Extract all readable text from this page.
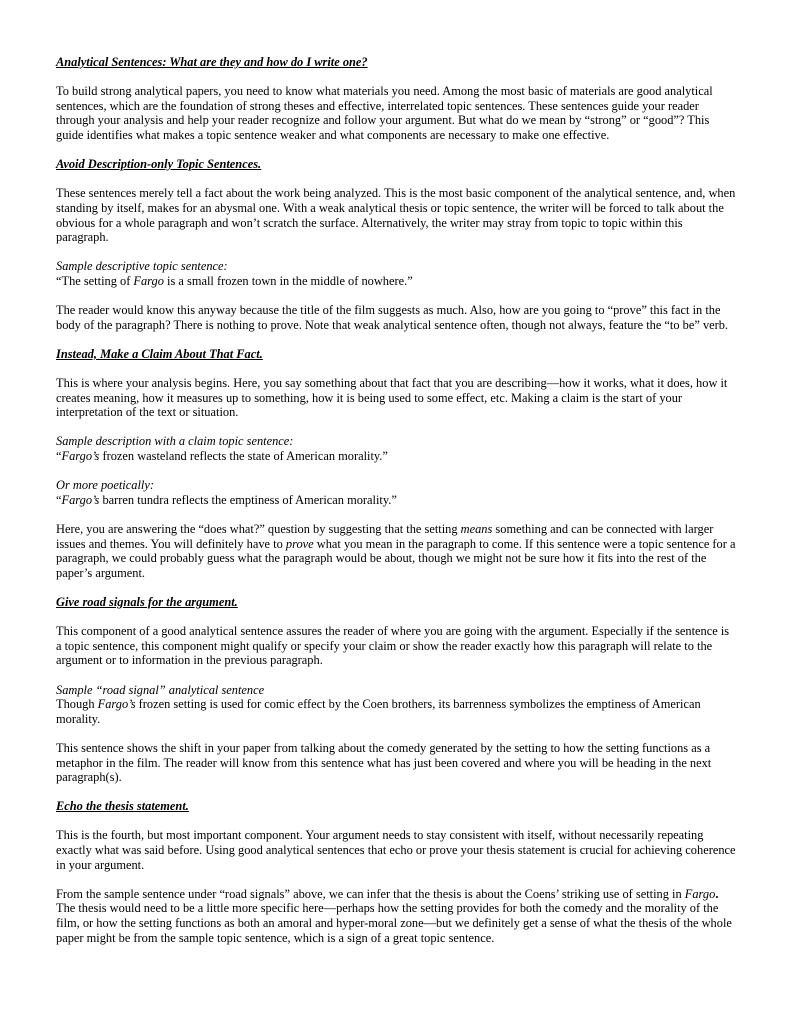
Analytical Sentences: What are they and how do I write one?

To build strong analytical papers, you need to know what materials you need. Among the most basic of materials are good analytical sentences, which are the foundation of strong theses and effective, interrelated topic sentences. These sentences guide your reader through your analysis and help your reader recognize and follow your argument. But what do we mean by “strong” or “good”? This guide identifies what makes a topic sentence weaker and what components are necessary to make one effective.

Avoid Description-only Topic Sentences.

These sentences merely tell a fact about the work being analyzed. This is the most basic component of the analytical sentence, and, when standing by itself, makes for an abysmal one. With a weak analytical thesis or topic sentence, the writer will be forced to talk about the obvious for a whole paragraph and won’t scratch the surface. Alternatively, the writer may stray from topic to topic within this paragraph.

Sample descriptive topic sentence:

“The setting of Fargo is a small frozen town in the middle of nowhere.”

The reader would know this anyway because the title of the film suggests as much. Also, how are you going to “prove” this fact in the body of the paragraph? There is nothing to prove. Note that weak analytical sentence often, though not always, feature the “to be” verb.

Instead, Make a Claim About That Fact.

This is where your analysis begins. Here, you say something about that fact that you are describing—how it works, what it does, how it creates meaning, how it measures up to something, how it is being used to some effect, etc. Making a claim is the start of your interpretation of the text or situation.

Sample description with a claim topic sentence:

“Fargo’s frozen wasteland reflects the state of American morality.”

Or more poetically:

“Fargo’s barren tundra reflects the emptiness of American morality.”

Here, you are answering the “does what?” question by suggesting that the setting means something and can be connected with larger issues and themes. You will definitely have to prove what you mean in the paragraph to come. If this sentence were a topic sentence for a paragraph, we could probably guess what the paragraph would be about, though we might not be sure how it fits into the rest of the paper’s argument.

Give road signals for the argument.

This component of a good analytical sentence assures the reader of where you are going with the argument. Especially if the sentence is a topic sentence, this component might qualify or specify your claim or show the reader exactly how this paragraph will relate to the argument or to information in the previous paragraph.

Sample “road signal” analytical sentence

Though Fargo’s frozen setting is used for comic effect by the Coen brothers, its barrenness symbolizes the emptiness of American morality.

This sentence shows the shift in your paper from talking about the comedy generated by the setting to how the setting functions as a metaphor in the film. The reader will know from this sentence what has just been covered and where you will be heading in the next paragraph(s).

Echo the thesis statement.

This is the fourth, but most important component. Your argument needs to stay consistent with itself, without necessarily repeating exactly what was said before. Using good analytical sentences that echo or prove your thesis statement is crucial for achieving coherence in your argument.

From the sample sentence under “road signals” above, we can infer that the thesis is about the Coens’ striking use of setting in Fargo. The thesis would need to be a little more specific here—perhaps how the setting provides for both the comedy and the morality of the film, or how the setting functions as both an amoral and hyper-moral zone—but we definitely get a sense of what the thesis of the whole paper might be from the sample topic sentence, which is a sign of a great topic sentence.
